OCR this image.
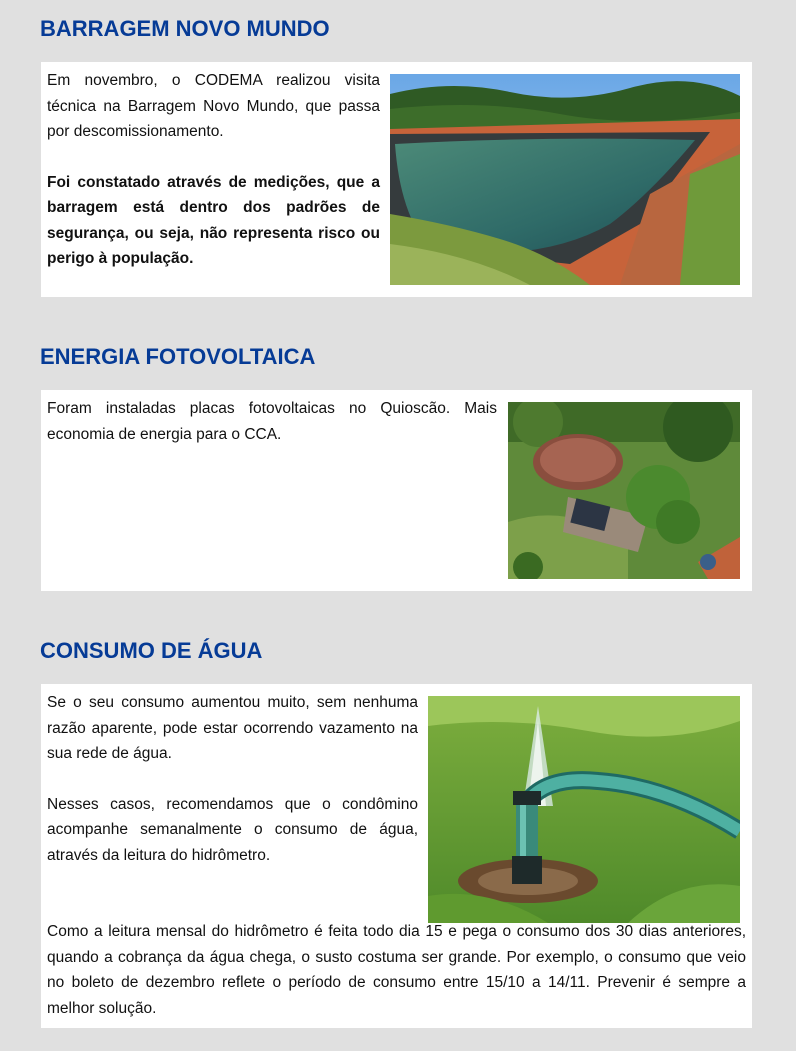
BARRAGEM NOVO MUNDO

Em novembro, o CODEMA realizou visita técnica na Barragem Novo Mundo, que passa por descomissionamento.

Foi constatado através de medições, que a barragem está dentro dos padrões de segurança, ou seja, não representa risco ou perigo à população.

ENERGIA FOTOVOLTAICA

Foram instaladas placas fotovoltaicas no Quioscão. Mais economia de energia para o CCA.

CONSUMO DE ÁGUA

Se o seu consumo aumentou muito, sem nenhuma razão aparente, pode estar ocorrendo vazamento na sua rede de água.

Nesses casos, recomendamos que o condômino acompanhe semanalmente o consumo de água, através da leitura do hidrômetro.

Como a leitura mensal do hidrômetro é feita todo dia 15 e pega o consumo dos 30 dias anteriores, quando a cobrança da água chega, o susto costuma ser grande. Por exemplo, o consumo que veio no boleto de dezembro reflete o período de consumo entre 15/10 a 14/11. Prevenir é sempre a melhor solução.
